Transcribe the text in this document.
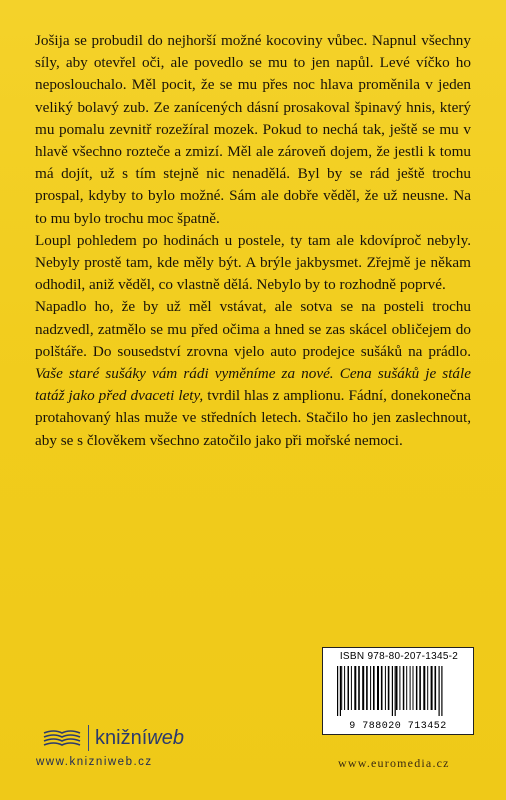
Jošija se probudil do nejhorší možné kocoviny vůbec. Napnul všechny síly, aby otevřel oči, ale povedlo se mu to jen napůl. Levé víčko ho neposlouchalo. Měl pocit, že se mu přes noc hlava proměnila v jeden veliký bolavý zub. Ze zanícených dásní prosakoval špinavý hnis, který mu pomalu zevnitř rozežíral mozek. Pokud to nechá tak, ještě se mu v hlavě všechno rozteče a zmizí. Měl ale zároveň dojem, že jestli k tomu má dojít, už s tím stejně nic nenadělá. Byl by se rád ještě trochu prospal, kdyby to bylo možné. Sám ale dobře věděl, že už neusne. Na to mu bylo trochu moc špatně.

Loupl pohledem po hodinách u postele, ty tam ale kdovíproč nebyly. Nebyly prostě tam, kde měly být. A brýle jakbysmet. Zřejmě je někam odhodil, aniž věděl, co vlastně dělá. Nebylo by to rozhodně poprvé.

Napadlo ho, že by už měl vstávat, ale sotva se na posteli trochu nadzvedl, zatmělo se mu před očima a hned se zas skácel obličejem do polštáře. Do sousedství zrovna vjelo auto prodejce sušáků na prádlo. Vaše staré sušáky vám rádi vyměníme za nové. Cena sušáků je stále tatáž jako před dvaceti lety, tvrdil hlas z amplionu. Fádní, donekonečna protahovaný hlas muže ve středních letech. Stačilo ho jen zaslechnout, aby se s člověkem všechno zatočilo jako při mořské nemoci.

ISBN 978-80-207-1345-2
9 788020 713452
knižníweb
www.knizniweb.cz	www.euromedia.cz
